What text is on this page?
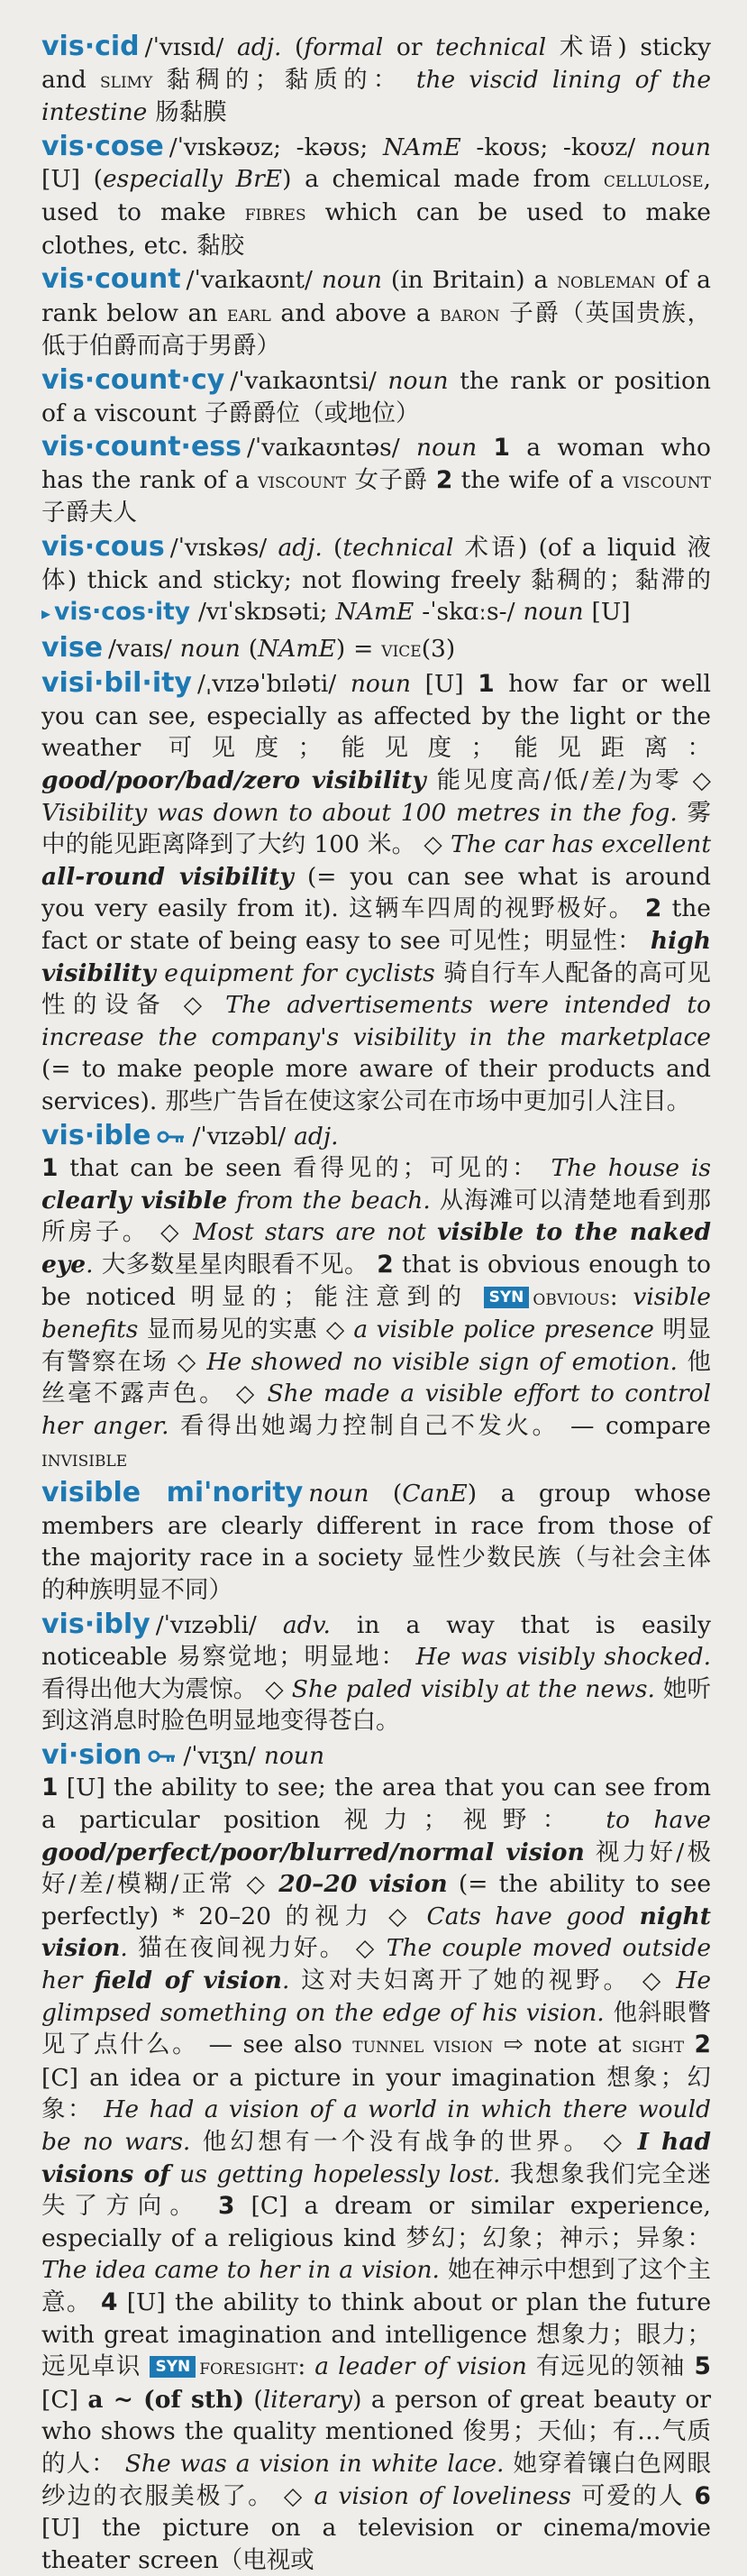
vis·cid /ˈvɪsɪd/ adj. (formal or technical 术语) sticky and slimy 黏稠的；黏质的： the viscid lining of the intestine 肠黏膜
vis·cose /ˈvɪskəʊz; -kəʊs; NAmE -koʊs; -koʊz/ noun [U] (especially BrE) a chemical made from cellulose, used to make fibres which can be used to make clothes, etc. 黏胶
vis·count /ˈvaɪkaʊnt/ noun (in Britain) a nobleman of a rank below an earl and above a baron 子爵（英国贵族，低于伯爵而高于男爵）
vis·count·cy /ˈvaɪkaʊntsi/ noun the rank or position of a viscount 子爵爵位（或地位）
vis·count·ess /ˈvaɪkaʊntəs/ noun 1 a woman who has the rank of a viscount 女子爵 2 the wife of a viscount 子爵夫人
vis·cous /ˈvɪskəs/ adj. (technical 术语) (of a liquid 液体) thick and sticky; not flowing freely 黏稠的；黏滞的 ▸ vis·cos·ity /vɪˈskɒsəti; NAmE -ˈskɑːs-/ noun [U]
vise /vaɪs/ noun (NAmE) = vice(3)
visi·bil·ity /ˌvɪzəˈbɪləti/ noun [U] 1 how far or well you can see, especially as affected by the light or the weather 可见度；能见度；能见距离： good/poor/bad/zero visibility 能见度高/低/差/为零 ◇ Visibility was down to about 100 metres in the fog. 雾中的能见距离降到了大约 100 米。 ◇ The car has excellent all-round visibility (= you can see what is around you very easily from it). 这辆车四周的视野极好。 2 the fact or state of being easy to see 可见性；明显性： high visibility equipment for cyclists 骑自行车人配备的高可见性的设备 ◇ The advertisements were intended to increase the company's visibility in the marketplace (= to make people more aware of their products and services). 那些广告旨在使这家公司在市场中更加引人注目。
vis·ible /ˈvɪzəbl/ adj.
1 that can be seen 看得见的；可见的： The house is clearly visible from the beach. 从海滩可以清楚地看到那所房子。 ◇ Most stars are not visible to the naked eye. 大多数星星肉眼看不见。 2 that is obvious enough to be noticed 明显的；能注意到的 SYN obvious: visible benefits 显而易见的实惠 ◇ a visible police presence 明显有警察在场 ◇ He showed no visible sign of emotion. 他丝毫不露声色。 ◇ She made a visible effort to control her anger. 看得出她竭力控制自己不发火。 — compare invisible
visible mi'nority noun (CanE) a group whose members are clearly different in race from those of the majority race in a society 显性少数民族（与社会主体的种族明显不同）
vis·ibly /ˈvɪzəbli/ adv. in a way that is easily noticeable 易察觉地；明显地： He was visibly shocked. 看得出他大为震惊。 ◇ She paled visibly at the news. 她听到这消息时脸色明显地变得苍白。
vi·sion /ˈvɪʒn/ noun
1 [U] the ability to see; the area that you can see from a particular position 视力；视野： to have good/perfect/poor/blurred/normal vision 视力好/极好/差/模糊/正常 ◇ 20–20 vision (= the ability to see perfectly) * 20–20 的视力 ◇ Cats have good night vision. 猫在夜间视力好。 ◇ The couple moved outside her field of vision. 这对夫妇离开了她的视野。 ◇ He glimpsed something on the edge of his vision. 他斜眼瞥见了点什么。 — see also tunnel vision ⇨ note at sight 2 [C] an idea or a picture in your imagination 想象；幻象： He had a vision of a world in which there would be no wars. 他幻想有一个没有战争的世界。 ◇ I had visions of us getting hopelessly lost. 我想象我们完全迷失了方向。 3 [C] a dream or similar experience, especially of a religious kind 梦幻；幻象；神示；异象： The idea came to her in a vision. 她在神示中想到了这个主意。 4 [U] the ability to think about or plan the future with great imagination and intelligence 想象力；眼力；远见卓识 SYN foresight: a leader of vision 有远见的领袖 5 [C] a ~ (of sth) (literary) a person of great beauty or who shows the quality mentioned 俊男；天仙；有…气质的人： She was a vision in white lace. 她穿着镶白色网眼纱边的衣服美极了。 ◇ a vision of loveliness 可爱的人 6 [U] the picture on a television or cinema/movie theater screen（电视或
